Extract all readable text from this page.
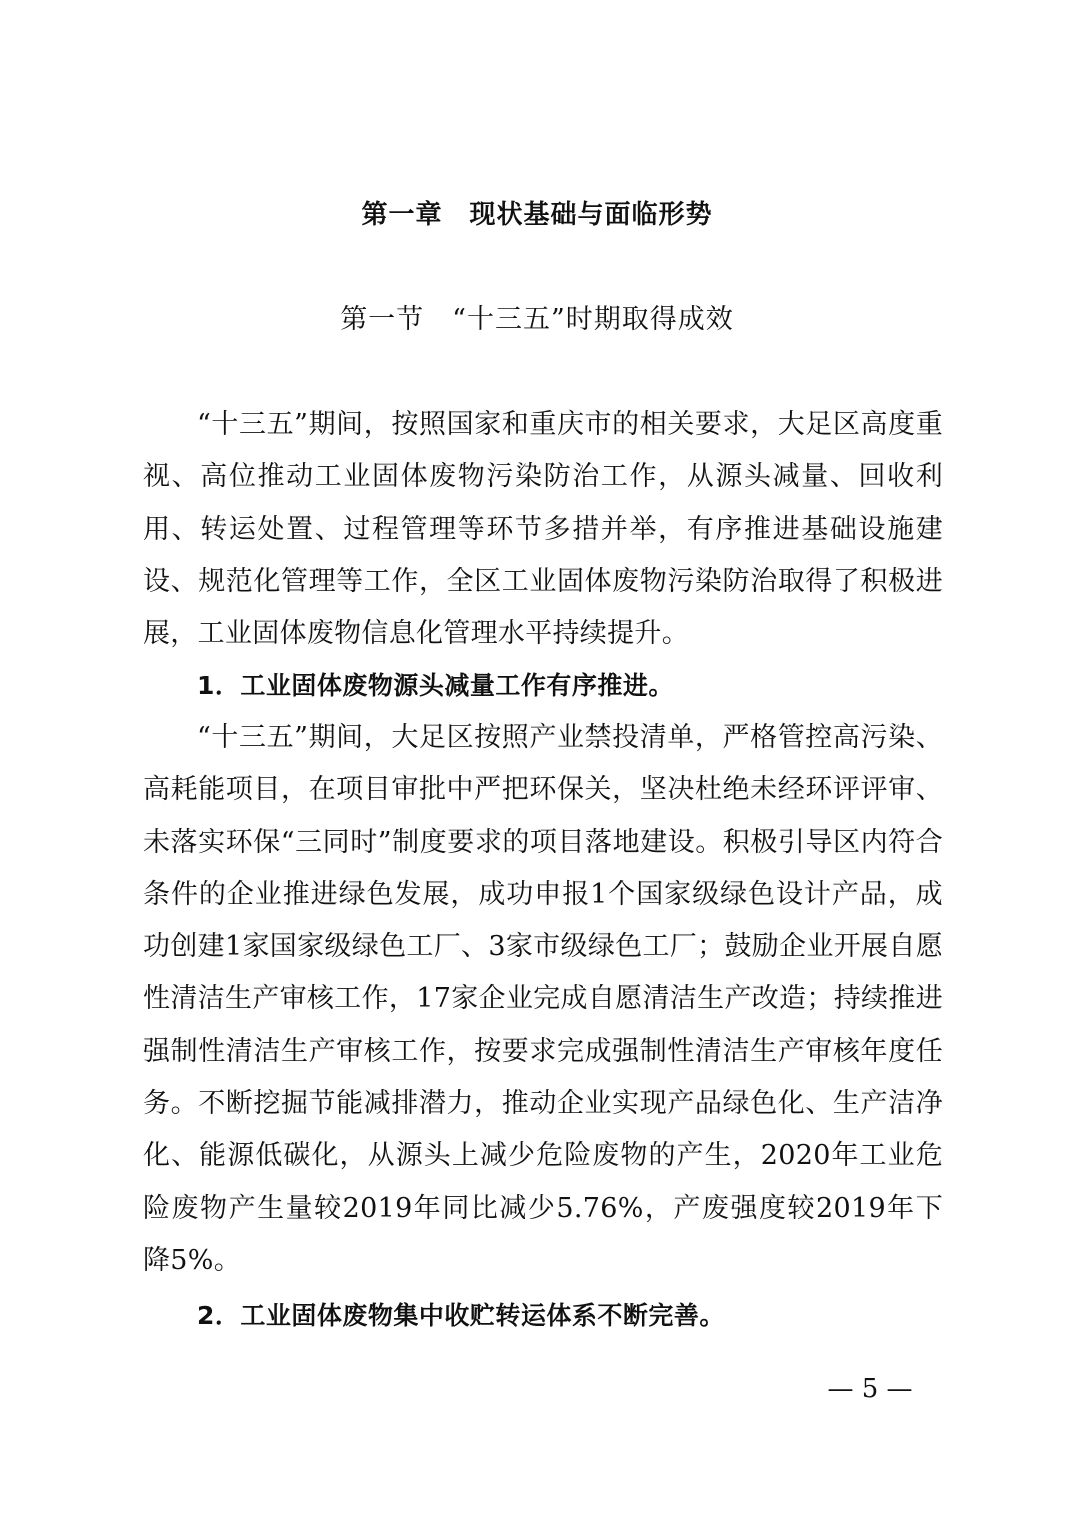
第一章　现状基础与面临形势
第一节　“十三五”时期取得成效
“十三五”期间，按照国家和重庆市的相关要求，大足区高度重视、高位推动工业固体废物污染防治工作，从源头减量、回收利用、转运处置、过程管理等环节多措并举，有序推进基础设施建设、规范化管理等工作，全区工业固体废物污染防治取得了积极进展，工业固体废物信息化管理水平持续提升。
1．工业固体废物源头减量工作有序推进。
“十三五”期间，大足区按照产业禁投清单，严格管控高污染、高耗能项目，在项目审批中严把环保关，坚决杜绝未经环评评审、未落实环保“三同时”制度要求的项目落地建设。积极引导区内符合条件的企业推进绿色发展，成功申报1个国家级绿色设计产品，成功创建1家国家级绿色工厂、3家市级绿色工厂；鼓励企业开展自愿性清洁生产审核工作，17家企业完成自愿清洁生产改造；持续推进强制性清洁生产审核工作，按要求完成强制性清洁生产审核年度任务。不断挖掘节能减排潜力，推动企业实现产品绿色化、生产洁净化、能源低碳化，从源头上减少危险废物的产生，2020年工业危险废物产生量较2019年同比减少5.76%，产废强度较2019年下降5%。
2．工业固体废物集中收贮转运体系不断完善。
— 5 —
